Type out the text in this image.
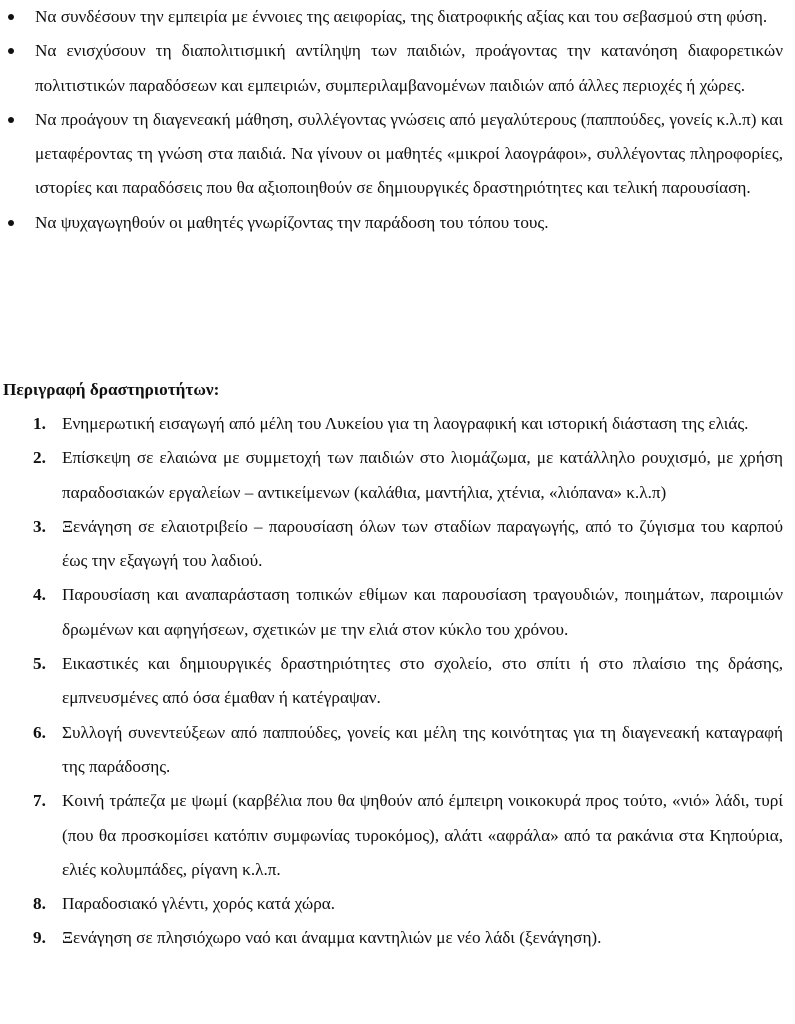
Να συνδέσουν την εμπειρία με έννοιες της αειφορίας, της διατροφικής αξίας και του σεβασμού στη φύση.
Να ενισχύσουν τη διαπολιτισμική αντίληψη των παιδιών, προάγοντας την κατανόηση διαφορετικών πολιτιστικών παραδόσεων και εμπειριών, συμπεριλαμβανομένων παιδιών από άλλες περιοχές ή χώρες.
Να προάγουν τη διαγενεακή μάθηση, συλλέγοντας γνώσεις από μεγαλύτερους (παππούδες, γονείς κ.λ.π) και μεταφέροντας τη γνώση στα παιδιά. Να γίνουν οι μαθητές «μικροί λαογράφοι», συλλέγοντας πληροφορίες, ιστορίες και παραδόσεις που θα αξιοποιηθούν σε δημιουργικές δραστηριότητες και τελική παρουσίαση.
Να ψυχαγωγηθούν οι μαθητές γνωρίζοντας την παράδοση του τόπου τους.
Περιγραφή δραστηριοτήτων:
1. Ενημερωτική εισαγωγή από μέλη του Λυκείου για τη λαογραφική και ιστορική διάσταση της ελιάς.
2. Επίσκεψη σε ελαιώνα με συμμετοχή των παιδιών στο λιομάζωμα, με κατάλληλο ρουχισμό, με χρήση παραδοσιακών εργαλείων – αντικείμενων (καλάθια, μαντήλια, χτένια, «λιόπανα» κ.λ.π)
3. Ξενάγηση σε ελαιοτριβείο – παρουσίαση όλων των σταδίων παραγωγής, από το ζύγισμα του καρπού έως την εξαγωγή του λαδιού.
4. Παρουσίαση και αναπαράσταση τοπικών εθίμων και παρουσίαση τραγουδιών, ποιημάτων, παροιμιών δρωμένων και αφηγήσεων, σχετικών με την ελιά στον κύκλο του χρόνου.
5. Εικαστικές και δημιουργικές δραστηριότητες στο σχολείο, στο σπίτι ή στο πλαίσιο της δράσης, εμπνευσμένες από όσα έμαθαν ή κατέγραψαν.
6. Συλλογή συνεντεύξεων από παππούδες, γονείς και μέλη της κοινότητας για τη διαγενεακή καταγραφή της παράδοσης.
7. Κοινή τράπεζα με ψωμί (καρβέλια που θα ψηθούν από έμπειρη νοικοκυρά προς τούτο, «νιό» λάδι, τυρί (που θα προσκομίσει κατόπιν συμφωνίας τυροκόμος), αλάτι «αφράλα» από τα ρακάνια στα Κηπούρια, ελιές κολυμπάδες, ρίγανη κ.λ.π.
8. Παραδοσιακό γλέντι, χορός κατά χώρα.
9. Ξενάγηση σε πλησιόχωρο ναό και άναμμα καντηλιών με νέο λάδι (ξενάγηση).
